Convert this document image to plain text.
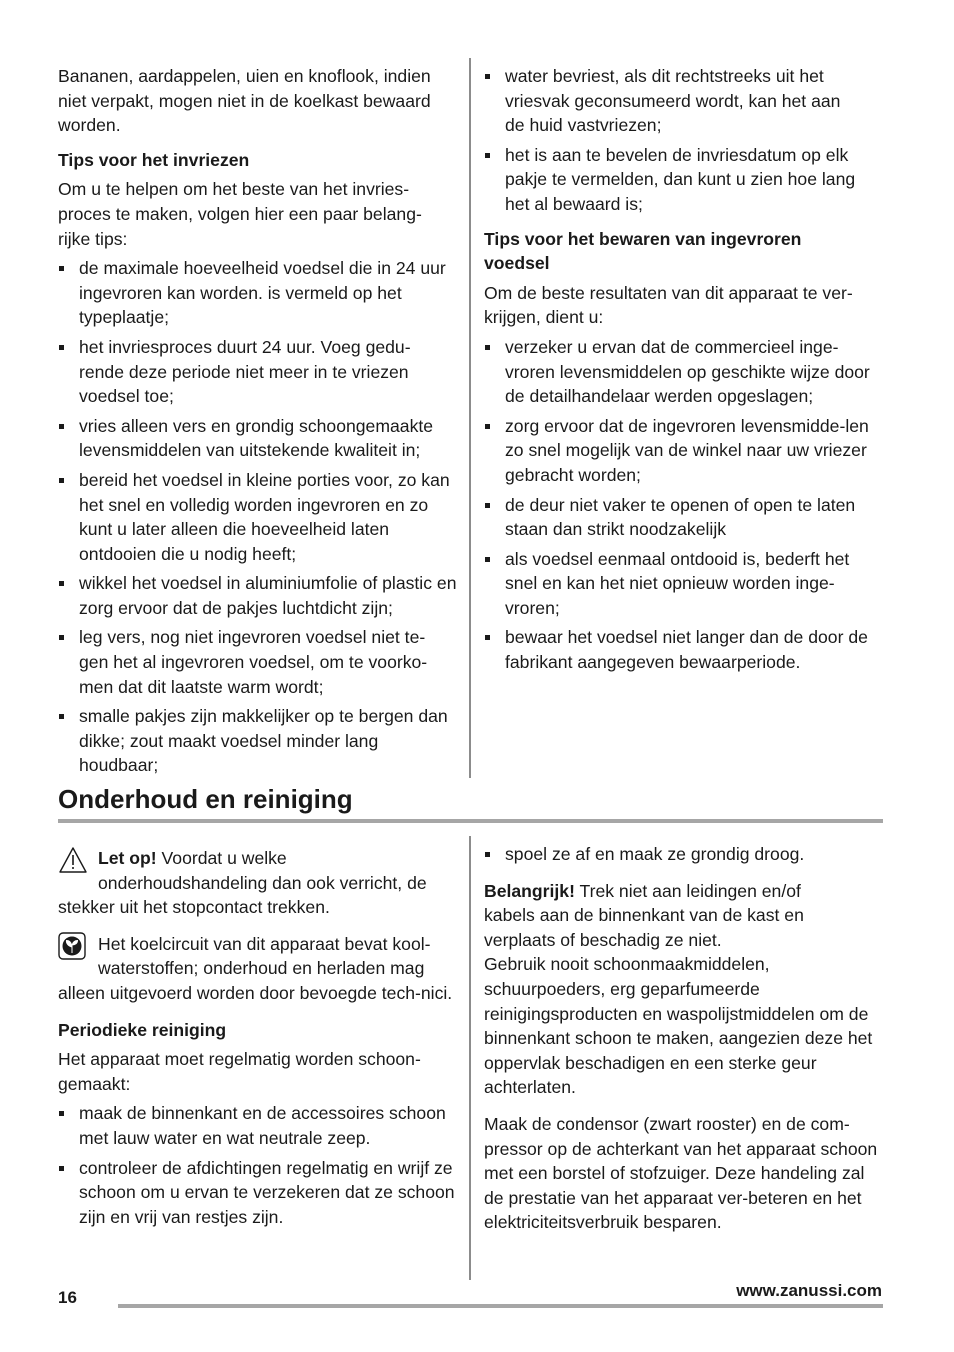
Bananen, aardappelen, uien en knoflook, indien niet verpakt, mogen niet in de koelkast bewaard worden.

Tips voor het invriezen

Om u te helpen om het beste van het invries-proces te maken, volgen hier een paar belang-rijke tips:

de maximale hoeveelheid voedsel die in 24 uur ingevroren kan worden. is vermeld op het typeplaatje;
het invriesproces duurt 24 uur. Voeg gedu-rende deze periode niet meer in te vriezen voedsel toe;
vries alleen vers en grondig schoongemaakte levensmiddelen van uitstekende kwaliteit in;
bereid het voedsel in kleine porties voor, zo kan het snel en volledig worden ingevroren en zo kunt u later alleen die hoeveelheid laten ontdooien die u nodig heeft;
wikkel het voedsel in aluminiumfolie of plastic en zorg ervoor dat de pakjes luchtdicht zijn;
leg vers, nog niet ingevroren voedsel niet te-gen het al ingevroren voedsel, om te voorko-men dat dit laatste warm wordt;
smalle pakjes zijn makkelijker op te bergen dan dikke; zout maakt voedsel minder lang houdbaar;
water bevriest, als dit rechtstreeks uit het vriesvak geconsumeerd wordt, kan het aan de huid vastvriezen;
het is aan te bevelen de invriesdatum op elk pakje te vermelden, dan kunt u zien hoe lang het al bewaard is;

Tips voor het bewaren van ingevroren voedsel

Om de beste resultaten van dit apparaat te ver-krijgen, dient u:

verzeker u ervan dat de commercieel inge-vroren levensmiddelen op geschikte wijze door de detailhandelaar werden opgeslagen;
zorg ervoor dat de ingevroren levensmidde-len zo snel mogelijk van de winkel naar uw vriezer gebracht worden;
de deur niet vaker te openen of open te laten staan dan strikt noodzakelijk
als voedsel eenmaal ontdooid is, bederft het snel en kan het niet opnieuw worden inge-vroren;
bewaar het voedsel niet langer dan de door de fabrikant aangegeven bewaarperiode.
Onderhoud en reiniging

Let op! Voordat u welke onderhoudshandeling dan ook verricht, de stekker uit het stopcontact trekken.

Het koelcircuit van dit apparaat bevat kool-waterstoffen; onderhoud en herladen mag alleen uitgevoerd worden door bevoegde tech-nici.

Periodieke reiniging

Het apparaat moet regelmatig worden schoon-gemaakt:

maak de binnenkant en de accessoires schoon met lauw water en wat neutrale zeep.
controleer de afdichtingen regelmatig en wrijf ze schoon om u ervan te verzekeren dat ze schoon zijn en vrij van restjes zijn.
spoel ze af en maak ze grondig droog.

Belangrijk! Trek niet aan leidingen en/of kabels aan de binnenkant van de kast en verplaats of beschadig ze niet.

Gebruik nooit schoonmaakmiddelen, schuurpoeders, erg geparfumeerde reinigingsproducten en waspolijstmiddelen om de binnenkant schoon te maken, aangezien deze het oppervlak beschadigen en een sterke geur achterlaten.

Maak de condensor (zwart rooster) en de com-pressor op de achterkant van het apparaat schoon met een borstel of stofzuiger. Deze handeling zal de prestatie van het apparaat ver-beteren en het elektriciteitsverbruik besparen.

16	www.zanussi.com
